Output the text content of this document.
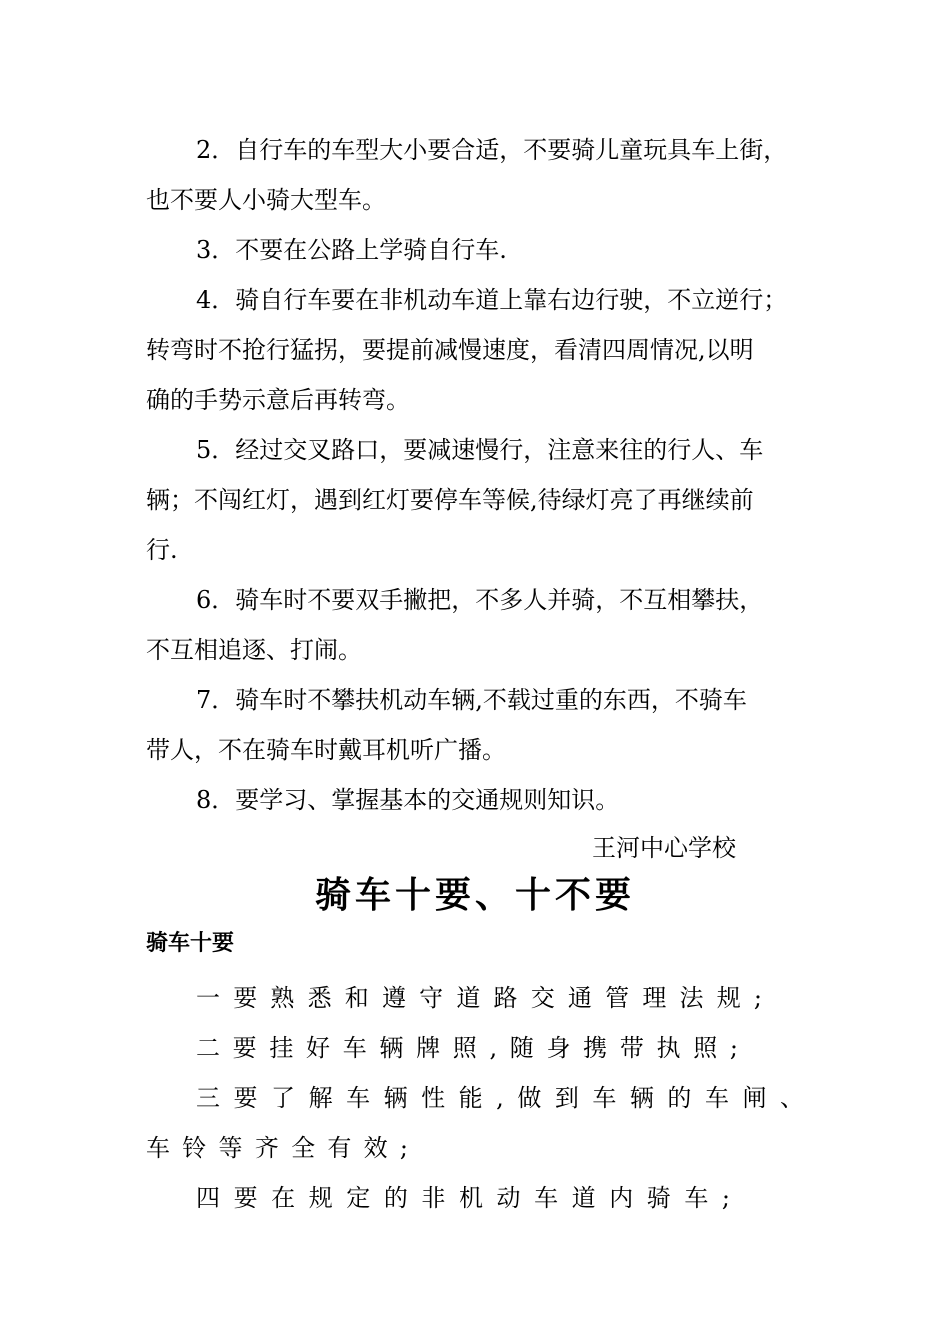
2．自行车的车型大小要合适，不要骑儿童玩具车上街，
也不要人小骑大型车。
3．不要在公路上学骑自行车.
4．骑自行车要在非机动车道上靠右边行驶，不立逆行；
转弯时不抢行猛拐，要提前减慢速度，看清四周情况,以明
确的手势示意后再转弯。
5．经过交叉路口，要减速慢行，注意来往的行人、车
辆；不闯红灯，遇到红灯要停车等候,待绿灯亮了再继续前
行.
6．骑车时不要双手撇把，不多人并骑，不互相攀扶，
不互相追逐、打闹。
7．骑车时不攀扶机动车辆,不载过重的东西，不骑车
带人，不在骑车时戴耳机听广播。
8．要学习、掌握基本的交通规则知识。
王河中心学校
骑车十要、十不要
骑车十要
一要熟悉和遵守道路交通管理法规;
二要挂好车辆牌照,随身携带执照;
三要了解车辆性能,做到车辆的车闸、
车铃等齐全有效;
四要在规定的非机动车道内骑车;
